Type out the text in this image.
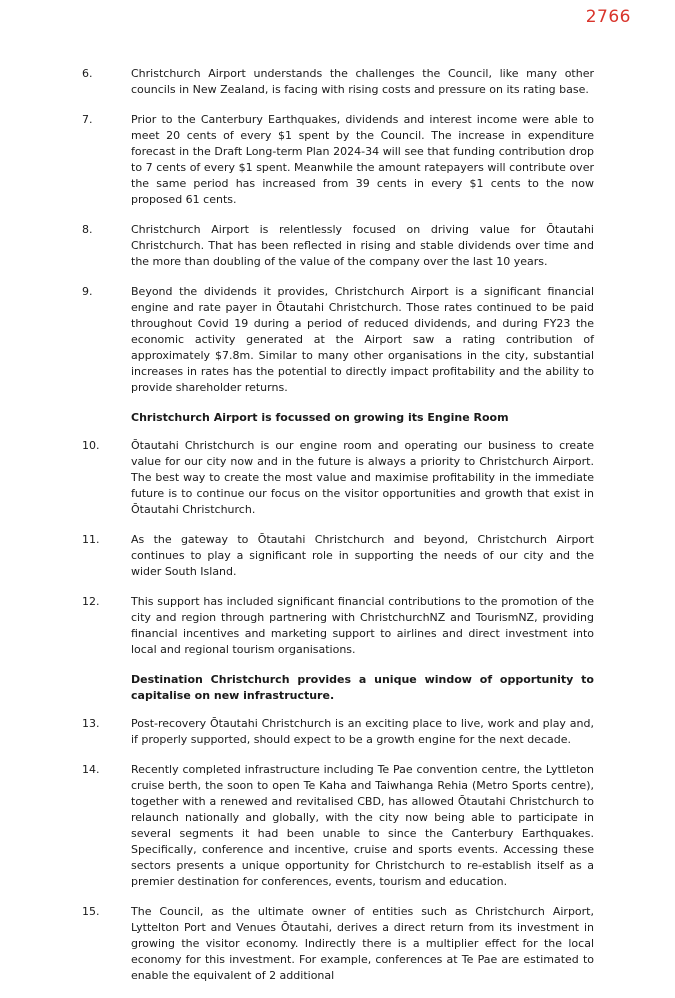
2766
6.	Christchurch Airport understands the challenges the Council, like many other councils in New Zealand, is facing with rising costs and pressure on its rating base.
7.	Prior to the Canterbury Earthquakes, dividends and interest income were able to meet 20 cents of every $1 spent by the Council. The increase in expenditure forecast in the Draft Long-term Plan 2024-34 will see that funding contribution drop to 7 cents of every $1 spent. Meanwhile the amount ratepayers will contribute over the same period has increased from 39 cents in every $1 cents to the now proposed 61 cents.
8.	Christchurch Airport is relentlessly focused on driving value for Ōtautahi Christchurch. That has been reflected in rising and stable dividends over time and the more than doubling of the value of the company over the last 10 years.
9.	Beyond the dividends it provides, Christchurch Airport is a significant financial engine and rate payer in Ōtautahi Christchurch. Those rates continued to be paid throughout Covid 19 during a period of reduced dividends, and during FY23 the economic activity generated at the Airport saw a rating contribution of approximately $7.8m. Similar to many other organisations in the city, substantial increases in rates has the potential to directly impact profitability and the ability to provide shareholder returns.
Christchurch Airport is focussed on growing its Engine Room
10.	Ōtautahi Christchurch is our engine room and operating our business to create value for our city now and in the future is always a priority to Christchurch Airport. The best way to create the most value and maximise profitability in the immediate future is to continue our focus on the visitor opportunities and growth that exist in Ōtautahi Christchurch.
11.	As the gateway to Ōtautahi Christchurch and beyond, Christchurch Airport continues to play a significant role in supporting the needs of our city and the wider South Island.
12.	This support has included significant financial contributions to the promotion of the city and region through partnering with ChristchurchNZ and TourismNZ, providing financial incentives and marketing support to airlines and direct investment into local and regional tourism organisations.
Destination Christchurch provides a unique window of opportunity to capitalise on new infrastructure.
13.	Post-recovery Ōtautahi Christchurch is an exciting place to live, work and play and, if properly supported, should expect to be a growth engine for the next decade.
14.	Recently completed infrastructure including Te Pae convention centre, the Lyttleton cruise berth, the soon to open Te Kaha and Taiwhanga Rehia (Metro Sports centre), together with a renewed and revitalised CBD, has allowed Ōtautahi Christchurch to relaunch nationally and globally, with the city now being able to participate in several segments it had been unable to since the Canterbury Earthquakes. Specifically, conference and incentive, cruise and sports events. Accessing these sectors presents a unique opportunity for Christchurch to re-establish itself as a premier destination for conferences, events, tourism and education.
15.	The Council, as the ultimate owner of entities such as Christchurch Airport, Lyttelton Port and Venues Ōtautahi, derives a direct return from its investment in growing the visitor economy. Indirectly there is a multiplier effect for the local economy for this investment. For example, conferences at Te Pae are estimated to enable the equivalent of 2 additional
